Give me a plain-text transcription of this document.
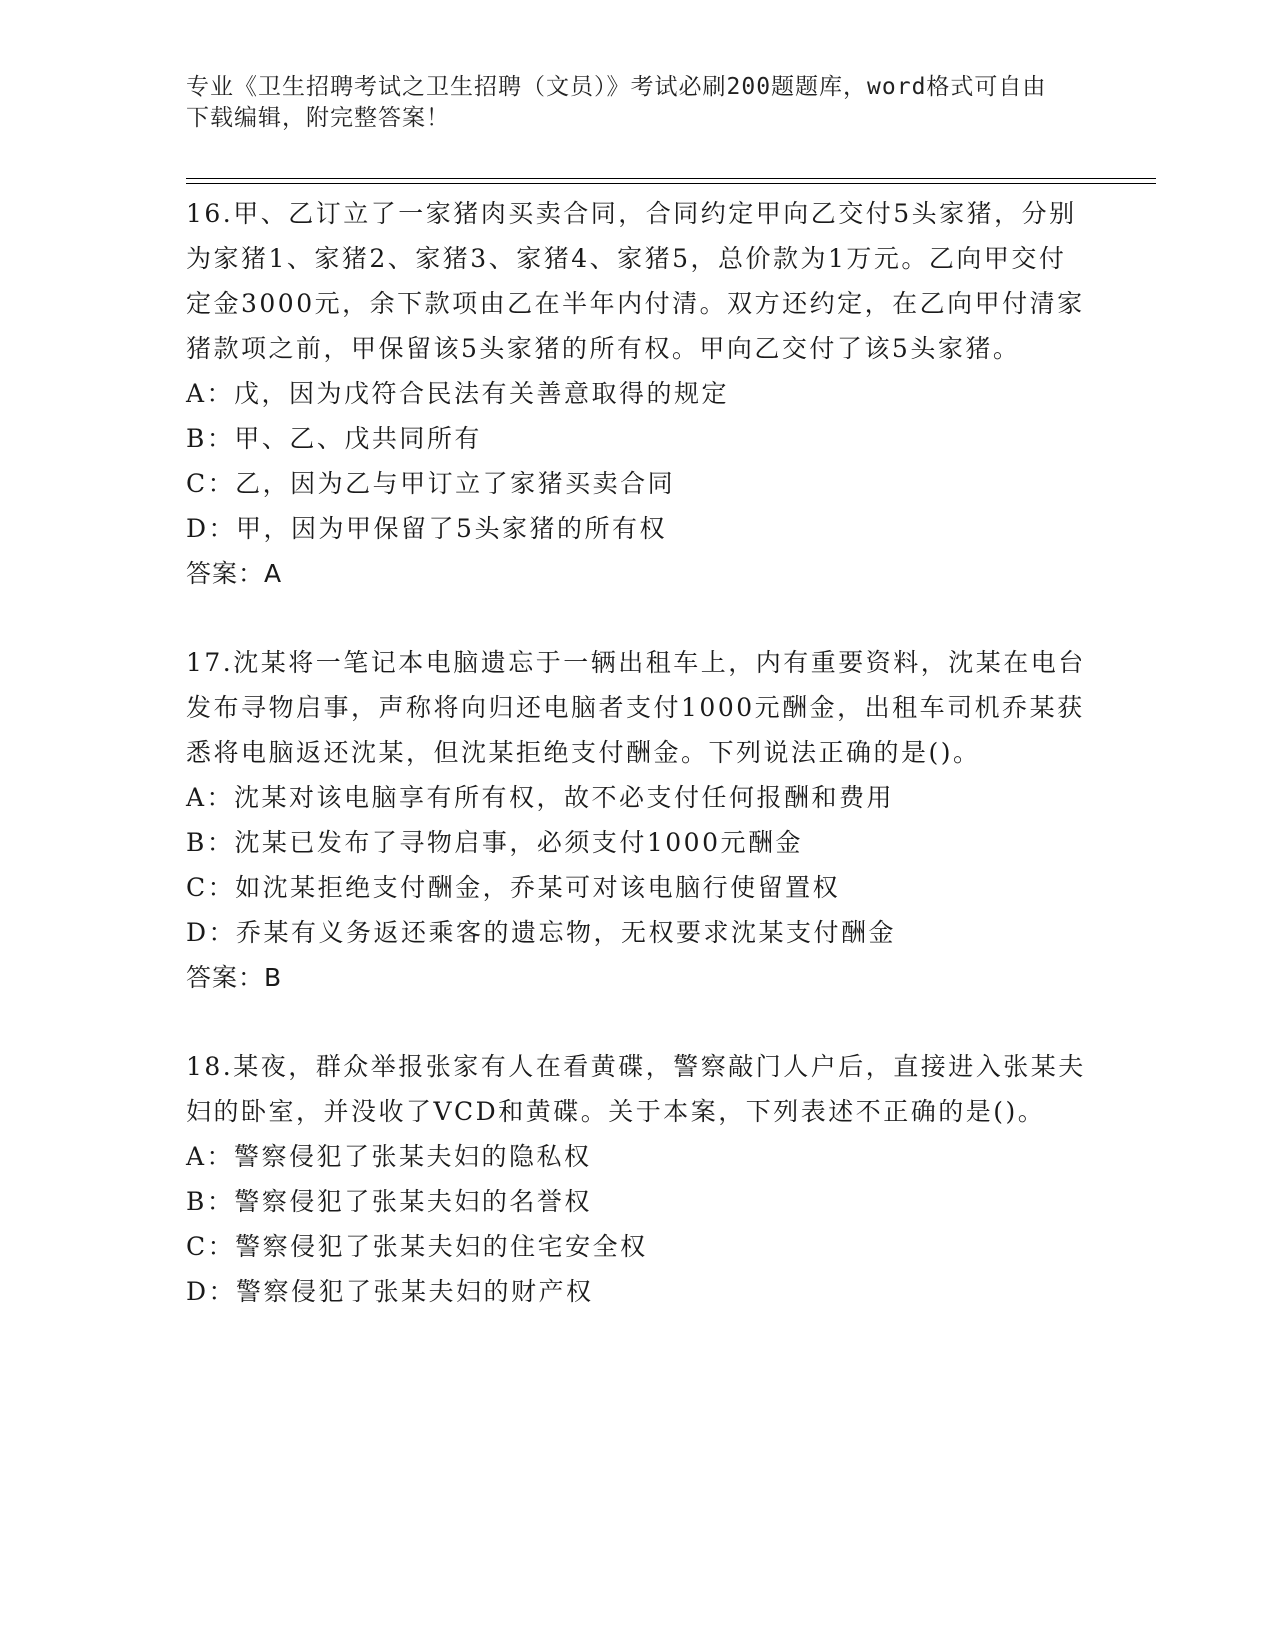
专业《卫生招聘考试之卫生招聘（文员）》考试必刷200题题库，word格式可自由下载编辑，附完整答案！

16.甲、乙订立了一家猪肉买卖合同，合同约定甲向乙交付5头家猪，分别为家猪1、家猪2、家猪3、家猪4、家猪5，总价款为1万元。乙向甲交付定金3000元，余下款项由乙在半年内付清。双方还约定，在乙向甲付清家猪款项之前，甲保留该5头家猪的所有权。甲向乙交付了该5头家猪。

A：戊，因为戊符合民法有关善意取得的规定

B：甲、乙、戊共同所有

C：乙，因为乙与甲订立了家猪买卖合同

D：甲，因为甲保留了5头家猪的所有权

答案：A

17.沈某将一笔记本电脑遗忘于一辆出租车上，内有重要资料，沈某在电台发布寻物启事，声称将向归还电脑者支付1000元酬金，出租车司机乔某获悉将电脑返还沈某，但沈某拒绝支付酬金。下列说法正确的是()。

A：沈某对该电脑享有所有权，故不必支付任何报酬和费用

B：沈某已发布了寻物启事，必须支付1000元酬金

C：如沈某拒绝支付酬金，乔某可对该电脑行使留置权

D：乔某有义务返还乘客的遗忘物，无权要求沈某支付酬金

答案：B

18.某夜，群众举报张家有人在看黄碟，警察敲门人户后，直接进入张某夫妇的卧室，并没收了VCD和黄碟。关于本案，下列表述不正确的是()。

A：警察侵犯了张某夫妇的隐私权

B：警察侵犯了张某夫妇的名誉权

C：警察侵犯了张某夫妇的住宅安全权

D：警察侵犯了张某夫妇的财产权
